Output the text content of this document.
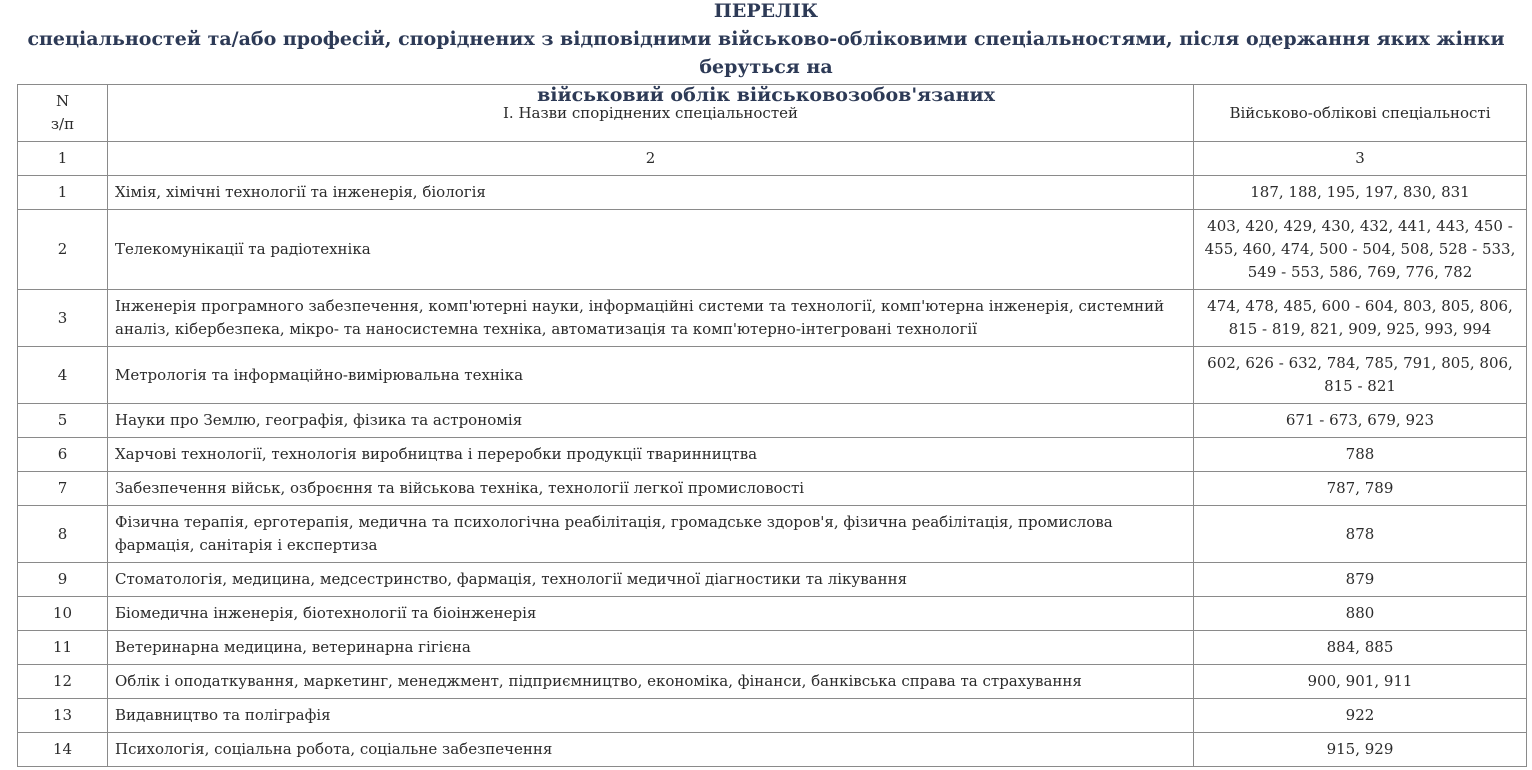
ПЕРЕЛІК
спеціальностей та/або професій, споріднених з відповідними військово-обліковими спеціальностями, після одержання яких жінки беруться на
військовий облік військовозобов'язаних
N
з/п	І. Назви споріднених спеціальностей	Військово-облікові спеціальності
1	2	3
1	Хімія, хімічні технології та інженерія, біологія	187, 188, 195, 197, 830, 831
2	Телекомунікації та радіотехніка	403, 420, 429, 430, 432, 441, 443, 450 - 455, 460, 474, 500 - 504, 508, 528 - 533, 549 - 553, 586, 769, 776, 782
3	Інженерія програмного забезпечення, комп'ютерні науки, інформаційні системи та технології, комп'ютерна інженерія, системний аналіз, кібербезпека, мікро- та наносистемна техніка, автоматизація та комп'ютерно-інтегровані технології	474, 478, 485, 600 - 604, 803, 805, 806, 815 - 819, 821, 909, 925, 993, 994
4	Метрологія та інформаційно-вимірювальна техніка	602, 626 - 632, 784, 785, 791, 805, 806, 815 - 821
5	Науки про Землю, географія, фізика та астрономія	671 - 673, 679, 923
6	Харчові технології, технологія виробництва і переробки продукції тваринництва	788
7	Забезпечення військ, озброєння та військова техніка, технології легкої промисловості	787, 789
8	Фізична терапія, ерготерапія, медична та психологічна реабілітація, громадське здоров'я, фізична реабілітація, промислова фармація, санітарія і експертиза	878
9	Стоматологія, медицина, медсестринство, фармація, технології медичної діагностики та лікування	879
10	Біомедична інженерія, біотехнології та біоінженерія	880
11	Ветеринарна медицина, ветеринарна гігієна	884, 885
12	Облік і оподаткування, маркетинг, менеджмент, підприємництво, економіка, фінанси, банківська справа та страхування	900, 901, 911
13	Видавництво та поліграфія	922
14	Психологія, соціальна робота, соціальне забезпечення	915, 929
